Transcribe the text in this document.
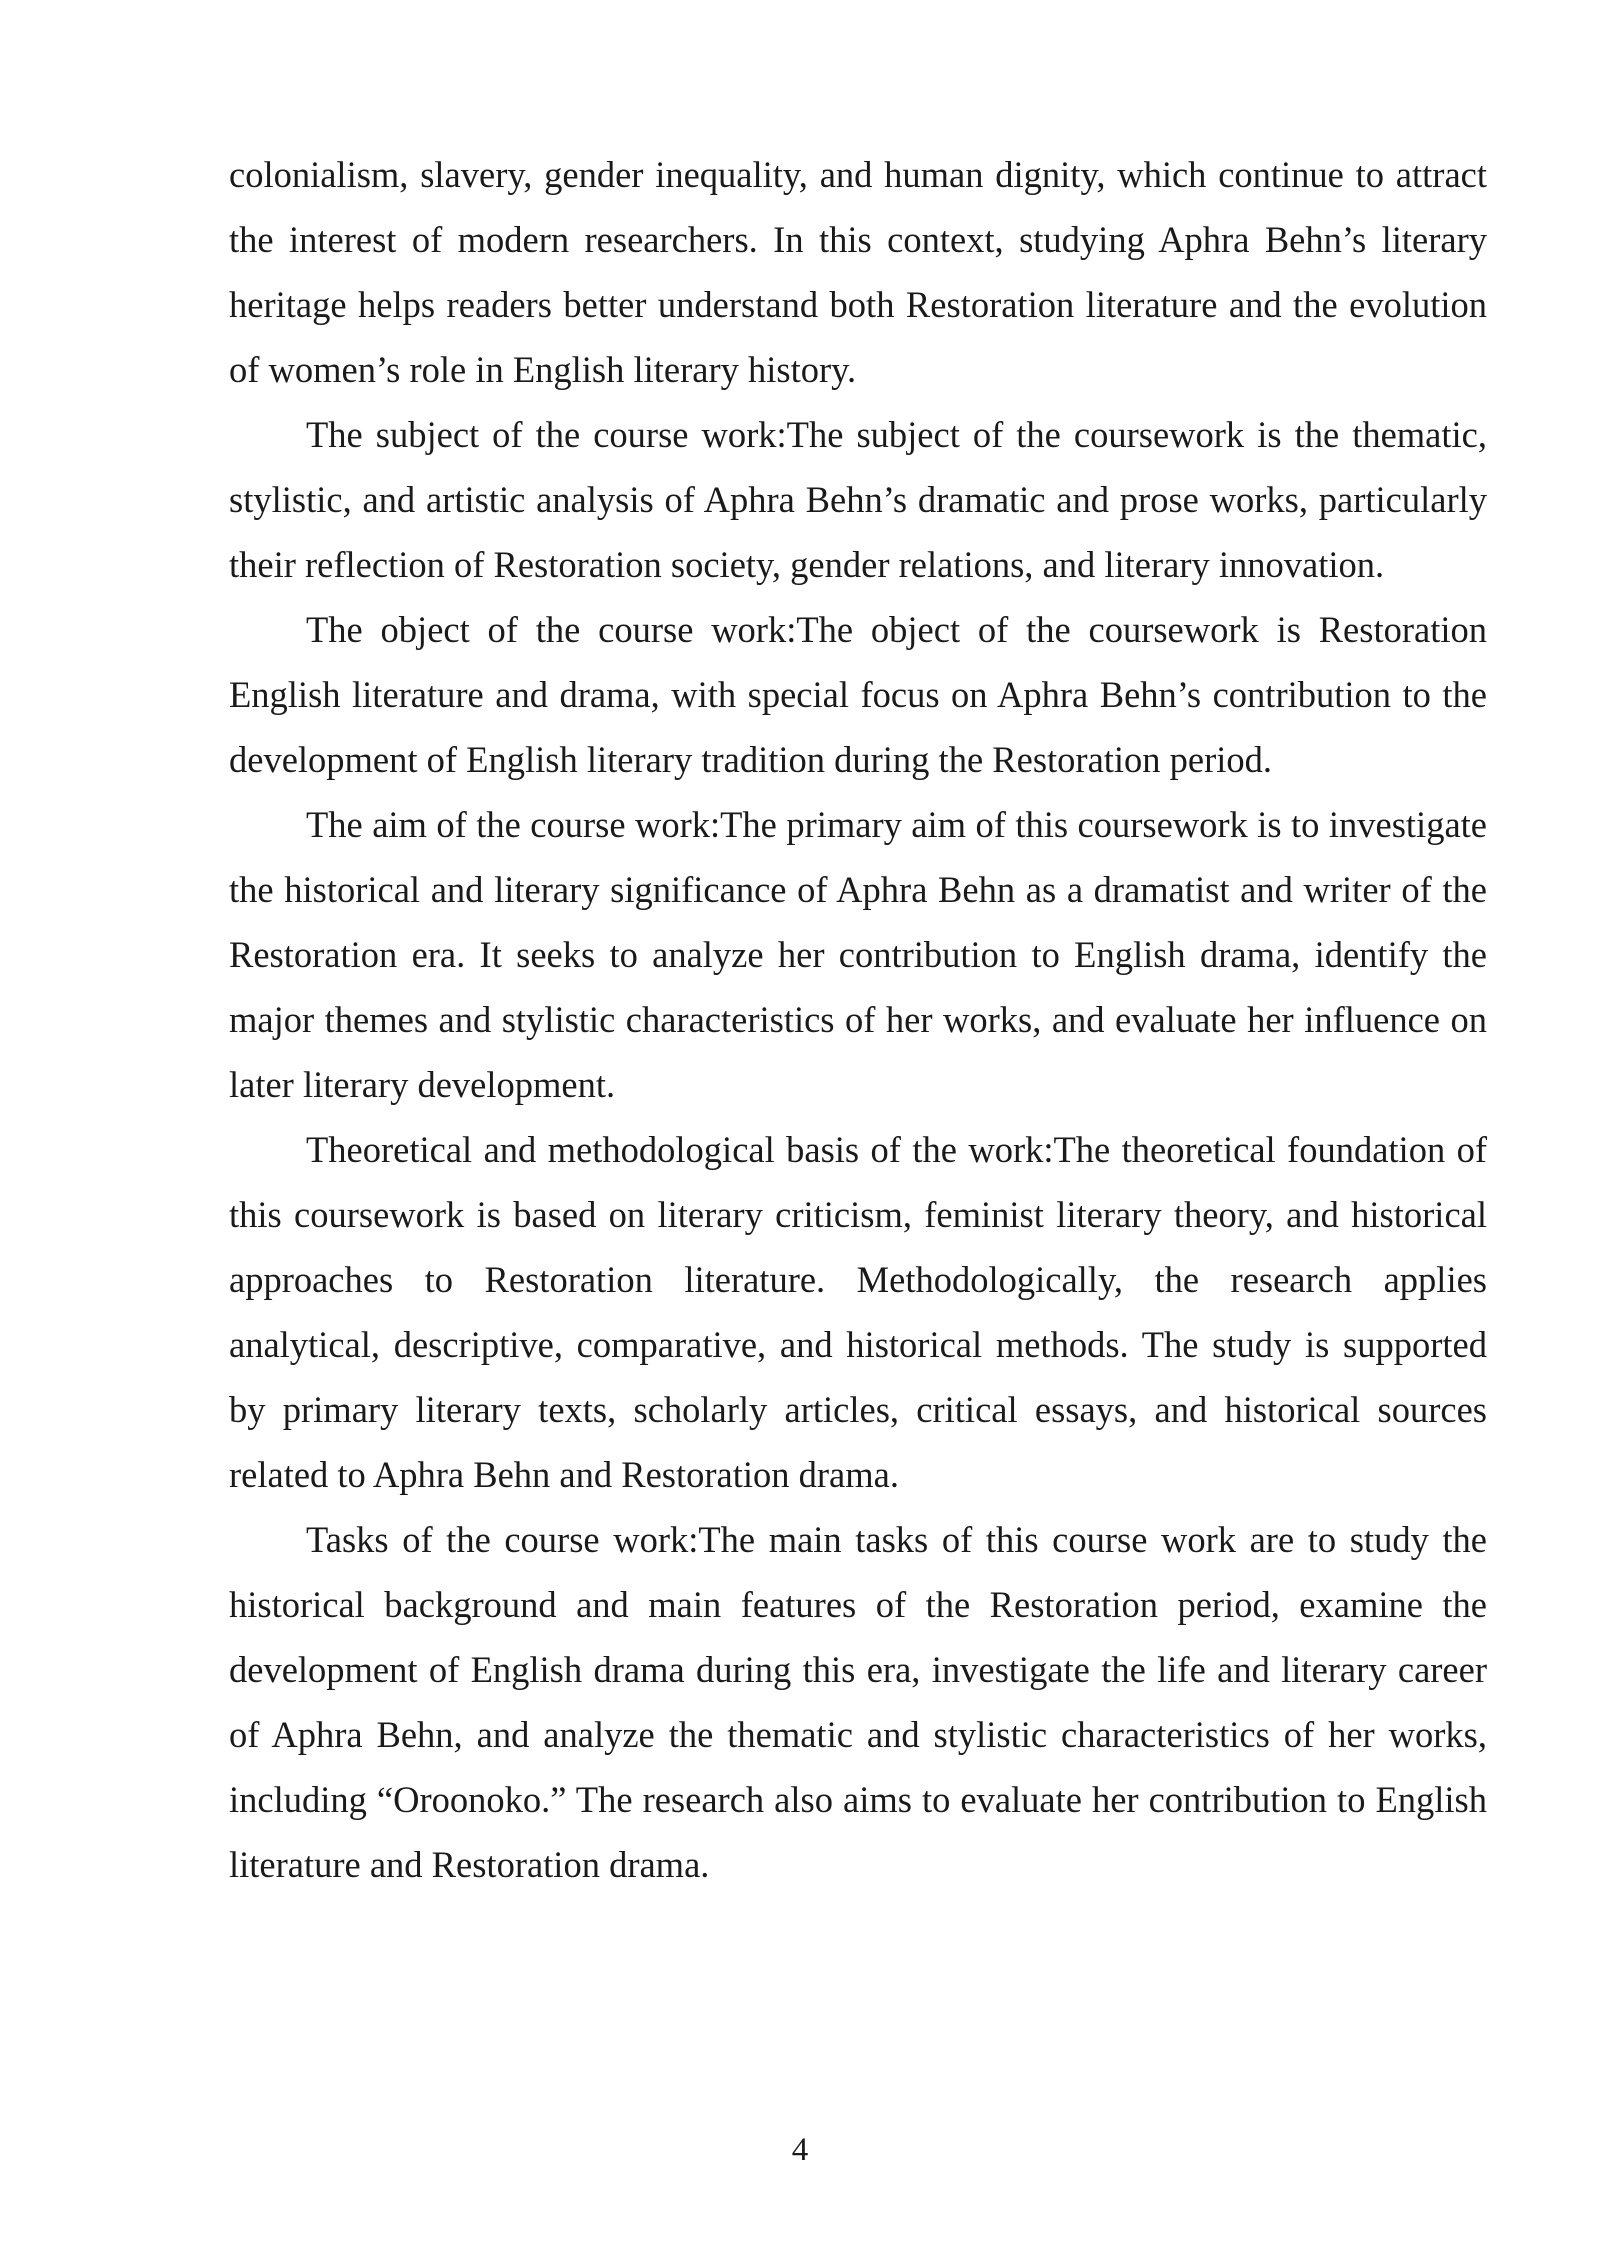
colonialism, slavery, gender inequality, and human dignity, which continue to attract the interest of modern researchers. In this context, studying Aphra Behn’s literary heritage helps readers better understand both Restoration literature and the evolution of women’s role in English literary history.

The subject of the course work:The subject of the coursework is the thematic, stylistic, and artistic analysis of Aphra Behn’s dramatic and prose works, particularly their reflection of Restoration society, gender relations, and literary innovation.

The object of the course work:The object of the coursework is Restoration English literature and drama, with special focus on Aphra Behn’s contribution to the development of English literary tradition during the Restoration period.

The aim of the course work:The primary aim of this coursework is to investigate the historical and literary significance of Aphra Behn as a dramatist and writer of the Restoration era. It seeks to analyze her contribution to English drama, identify the major themes and stylistic characteristics of her works, and evaluate her influence on later literary development.

Theoretical and methodological basis of the work:The theoretical foundation of this coursework is based on literary criticism, feminist literary theory, and historical approaches to Restoration literature. Methodologically, the research applies analytical, descriptive, comparative, and historical methods. The study is supported by primary literary texts, scholarly articles, critical essays, and historical sources related to Aphra Behn and Restoration drama.

Tasks of the course work:The main tasks of this course work are to study the historical background and main features of the Restoration period, examine the development of English drama during this era, investigate the life and literary career of Aphra Behn, and analyze the thematic and stylistic characteristics of her works, including “Oroonoko.” The research also aims to evaluate her contribution to English literature and Restoration drama.

4
